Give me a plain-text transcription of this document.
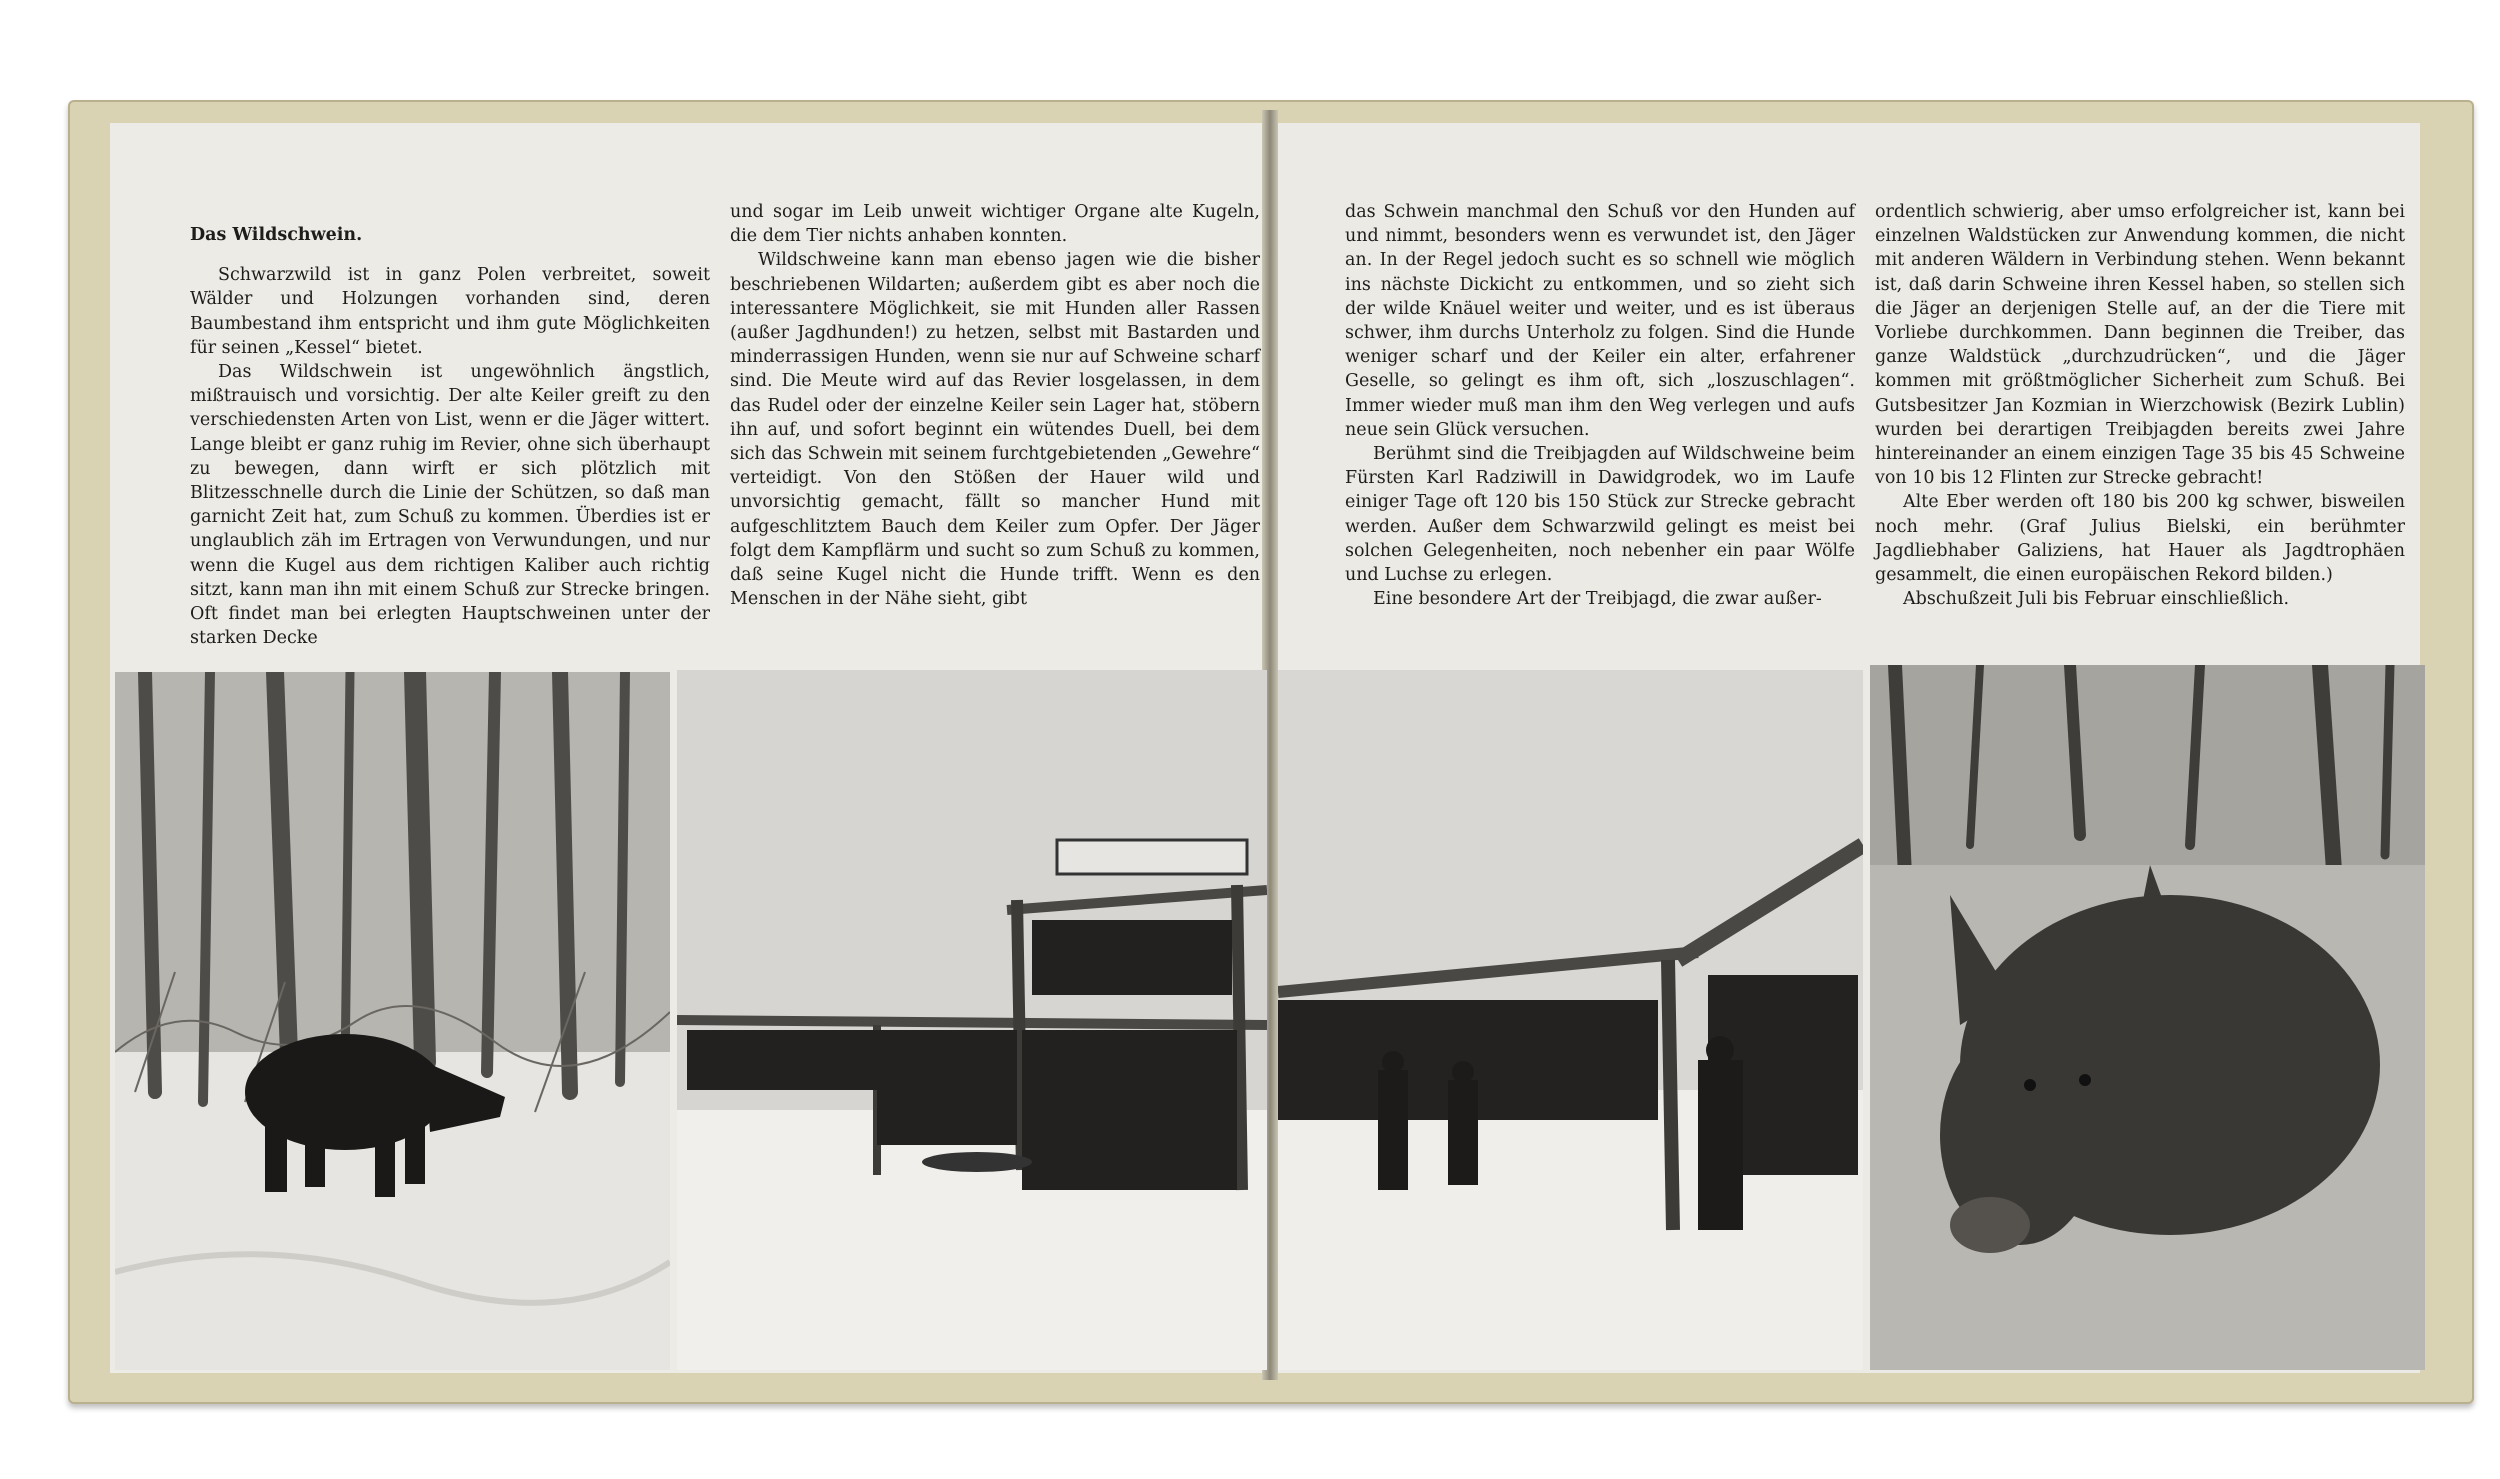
Das Wildschwein.

Schwarzwild ist in ganz Polen verbreitet, soweit Wälder und Holzungen vorhanden sind, deren Baumbestand ihm entspricht und ihm gute Möglichkeiten für seinen „Kessel“ bietet.

Das Wildschwein ist ungewöhnlich ängstlich, mißtrauisch und vorsichtig. Der alte Keiler greift zu den verschiedensten Arten von List, wenn er die Jäger wittert. Lange bleibt er ganz ruhig im Revier, ohne sich überhaupt zu bewegen, dann wirft er sich plötzlich mit Blitzesschnelle durch die Linie der Schützen, so daß man garnicht Zeit hat, zum Schuß zu kommen. Überdies ist er unglaublich zäh im Ertragen von Verwundungen, und nur wenn die Kugel aus dem richtigen Kaliber auch richtig sitzt, kann man ihn mit einem Schuß zur Strecke bringen. Oft findet man bei erlegten Hauptschweinen unter der starken Decke

und sogar im Leib unweit wichtiger Organe alte Kugeln, die dem Tier nichts anhaben konnten.

Wildschweine kann man ebenso jagen wie die bisher beschriebenen Wildarten; außerdem gibt es aber noch die interessantere Möglichkeit, sie mit Hunden aller Rassen (außer Jagdhunden!) zu hetzen, selbst mit Bastarden und minderrassigen Hunden, wenn sie nur auf Schweine scharf sind. Die Meute wird auf das Revier losgelassen, in dem das Rudel oder der einzelne Keiler sein Lager hat, stöbern ihn auf, und sofort beginnt ein wütendes Duell, bei dem sich das Schwein mit seinem furchtgebietenden „Gewehre“ verteidigt. Von den Stößen der Hauer wild und unvorsichtig gemacht, fällt so mancher Hund mit aufgeschlitztem Bauch dem Keiler zum Opfer. Der Jäger folgt dem Kampflärm und sucht so zum Schuß zu kommen, daß seine Kugel nicht die Hunde trifft. Wenn es den Menschen in der Nähe sieht, gibt

das Schwein manchmal den Schuß vor den Hunden auf und nimmt, besonders wenn es verwundet ist, den Jäger an. In der Regel jedoch sucht es so schnell wie möglich ins nächste Dickicht zu entkommen, und so zieht sich der wilde Knäuel weiter und weiter, und es ist überaus schwer, ihm durchs Unterholz zu folgen. Sind die Hunde weniger scharf und der Keiler ein alter, erfahrener Geselle, so gelingt es ihm oft, sich „loszuschlagen“. Immer wieder muß man ihm den Weg verlegen und aufs neue sein Glück versuchen.

Berühmt sind die Treibjagden auf Wildschweine beim Fürsten Karl Radziwill in Dawidgrodek, wo im Laufe einiger Tage oft 120 bis 150 Stück zur Strecke gebracht werden. Außer dem Schwarzwild gelingt es meist bei solchen Gelegenheiten, noch nebenher ein paar Wölfe und Luchse zu erlegen.

Eine besondere Art der Treibjagd, die zwar außer-

ordentlich schwierig, aber umso erfolgreicher ist, kann bei einzelnen Waldstücken zur Anwendung kommen, die nicht mit anderen Wäldern in Verbindung stehen. Wenn bekannt ist, daß darin Schweine ihren Kessel haben, so stellen sich die Jäger an derjenigen Stelle auf, an der die Tiere mit Vorliebe durchkommen. Dann beginnen die Treiber, das ganze Waldstück „durchzudrücken“, und die Jäger kommen mit größtmöglicher Sicherheit zum Schuß. Bei Gutsbesitzer Jan Kozmian in Wierzchowisk (Bezirk Lublin) wurden bei derartigen Treibjagden bereits zwei Jahre hintereinander an einem einzigen Tage 35 bis 45 Schweine von 10 bis 12 Flinten zur Strecke gebracht!

Alte Eber werden oft 180 bis 200 kg schwer, bisweilen noch mehr. (Graf Julius Bielski, ein berühmter Jagdliebhaber Galiziens, hat Hauer als Jagdtrophäen gesammelt, die einen europäischen Rekord bilden.)

Abschußzeit Juli bis Februar einschließlich.
